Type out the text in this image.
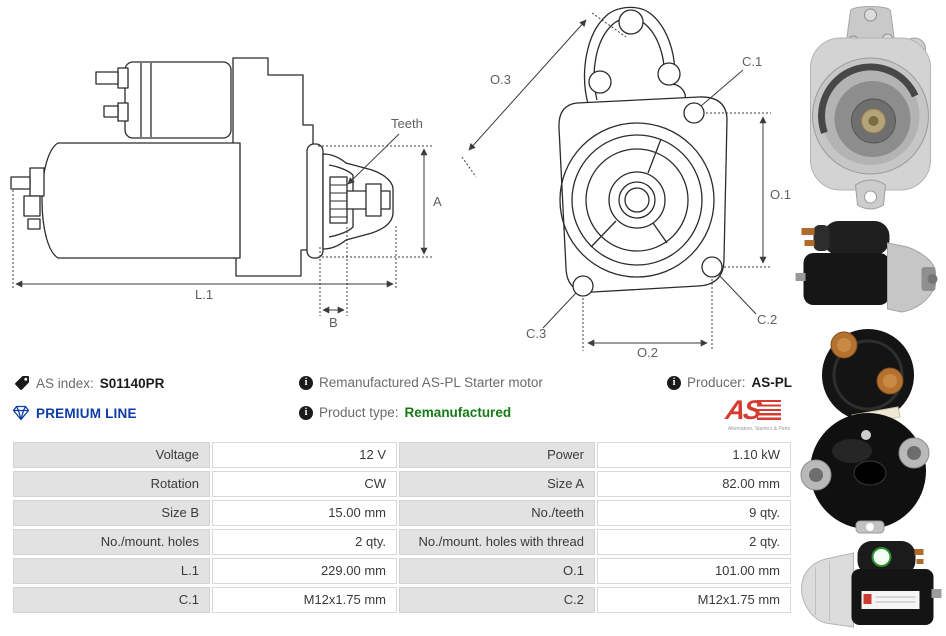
Teeth
A
L.1
B
O.3
C.1
O.1
C.2
C.3
O.2
AS index: S01140PR	i Remanufactured AS-PL Starter motor	i Producer: AS-PL
PREMIUM LINE	i Product type: Remanufactured	AS
Alternators, Starters & Parts
Voltage	12 V	Power	1.10 kW
Rotation	CW	Size A	82.00 mm
Size B	15.00 mm	No./teeth	9 qty.
No./mount. holes	2 qty.	No./mount. holes with thread	2 qty.
L.1	229.00 mm	O.1	101.00 mm
C.1	M12x1.75 mm	C.2	M12x1.75 mm
